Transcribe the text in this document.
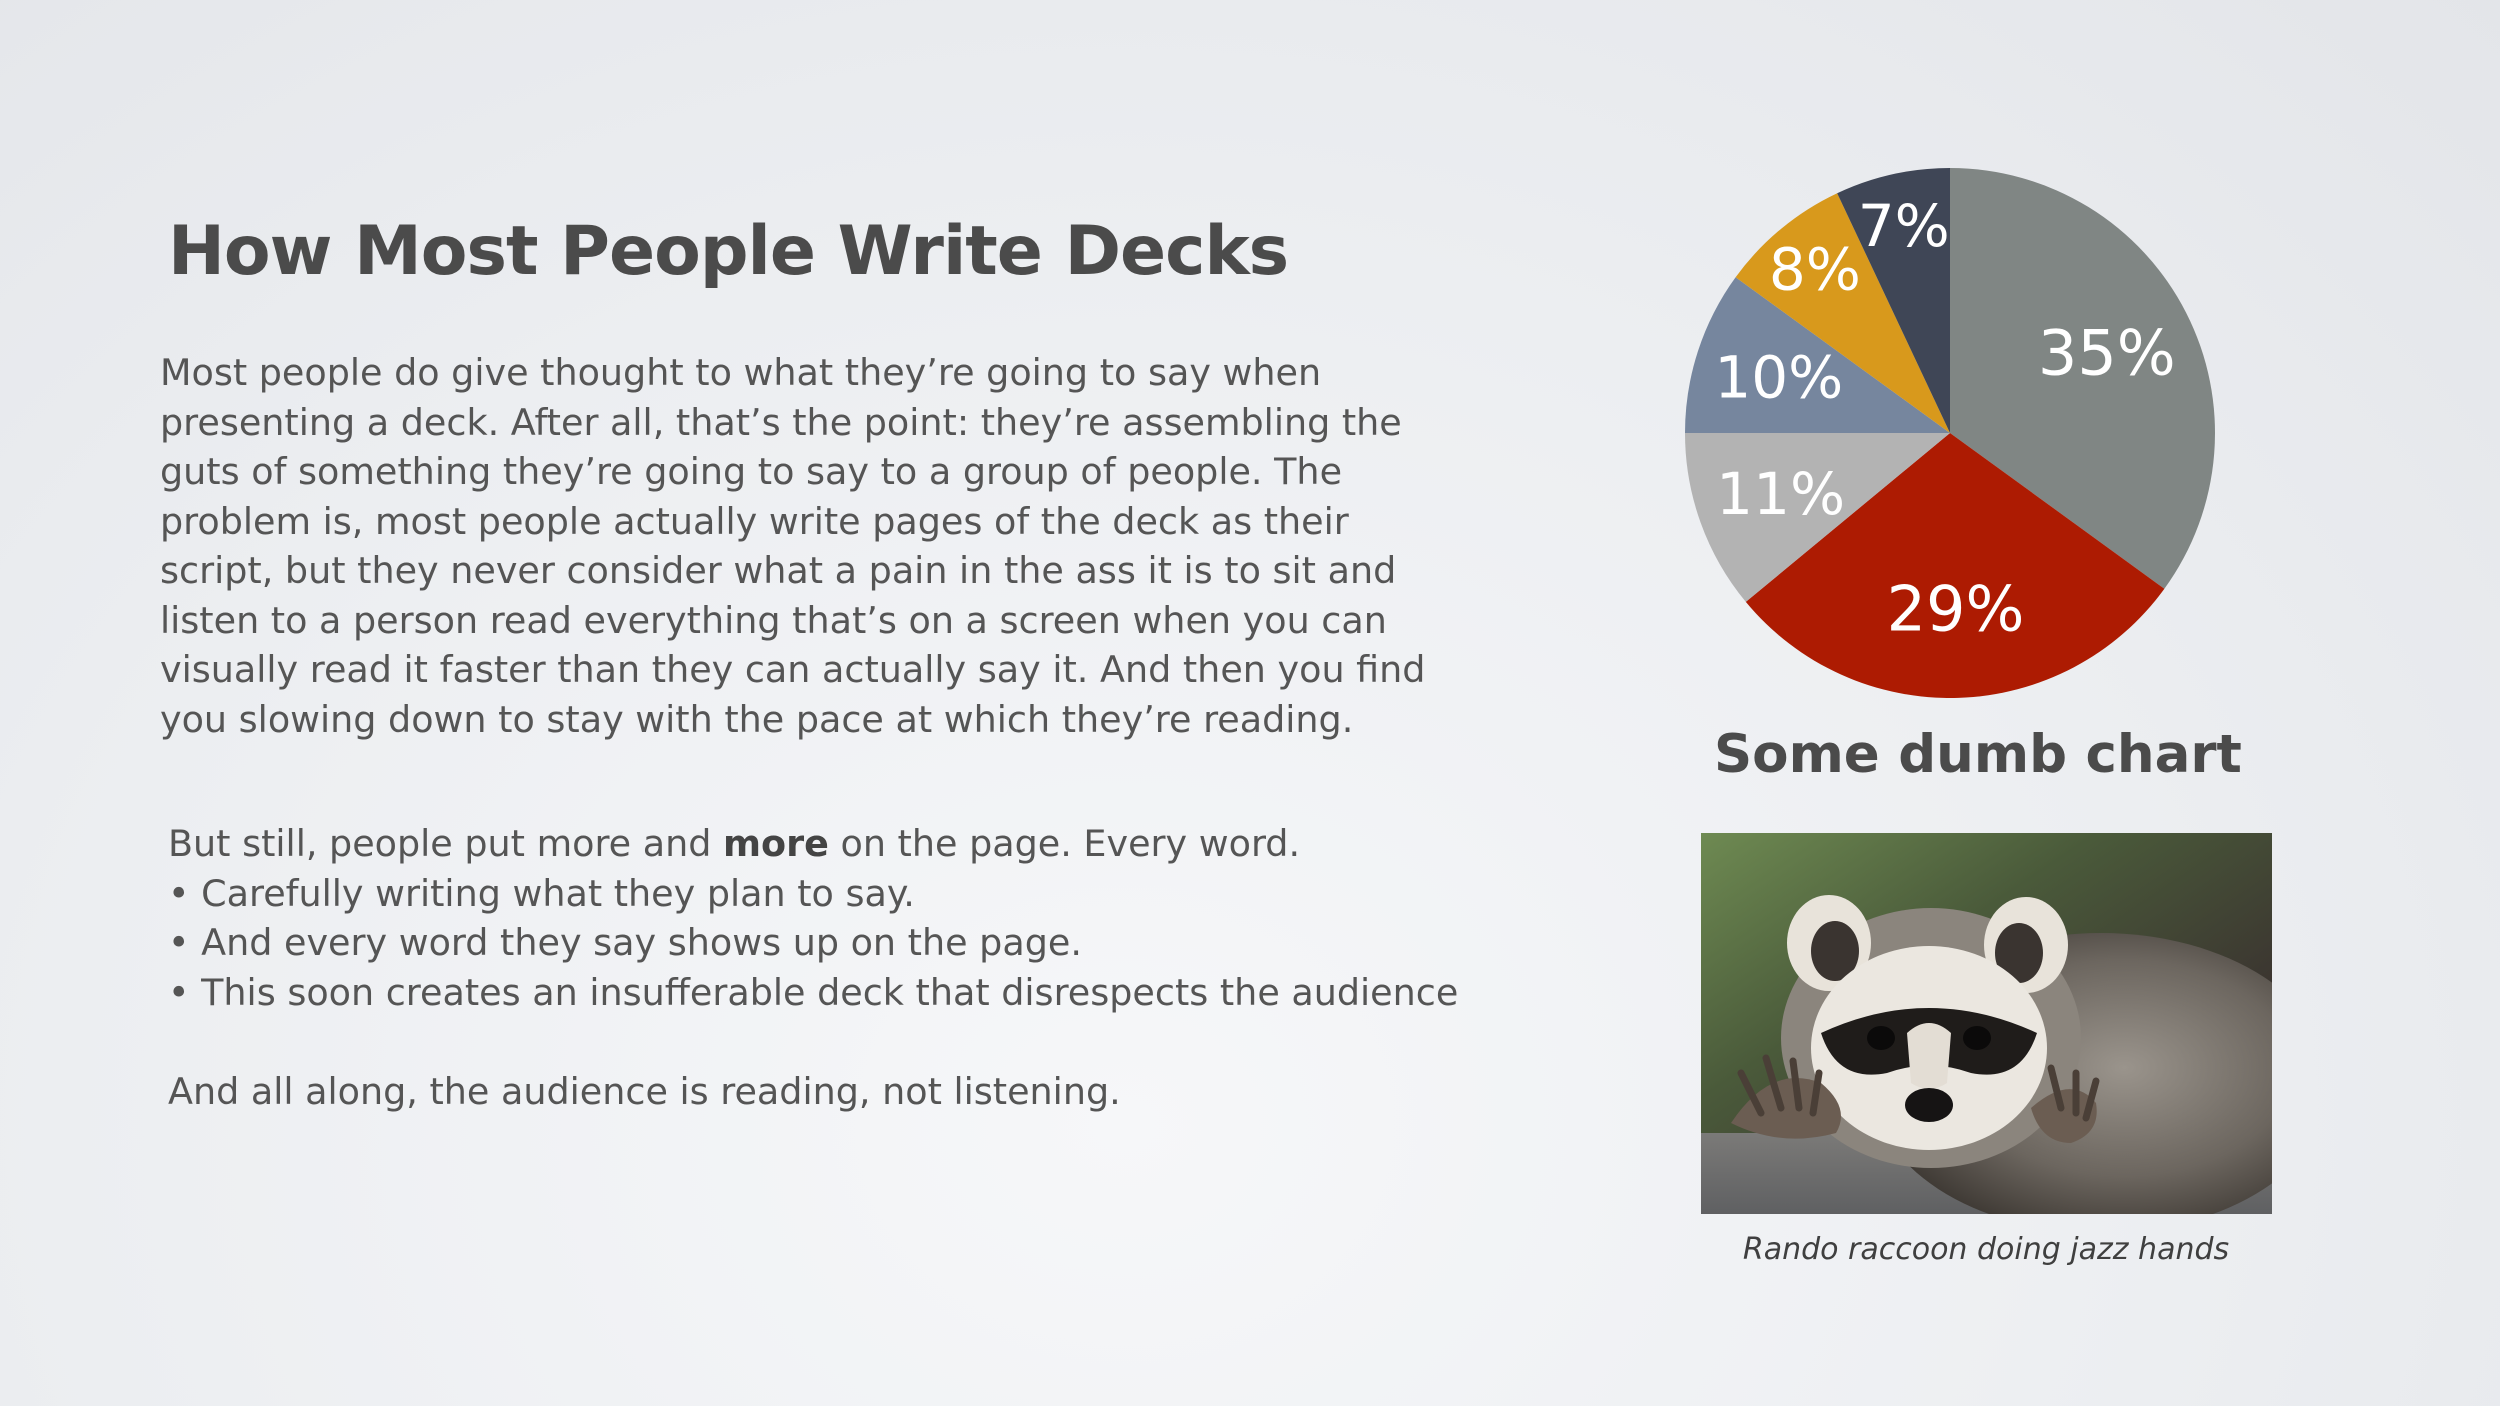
How Most People Write Decks
Most people do give thought to what they’re going to say when
presenting a deck. After all, that’s the point: they’re assembling the
guts of something they’re going to say to a group of people. The
problem is, most people actually write pages of the deck as their
script, but they never consider what a pain in the ass it is to sit and
listen to a person read everything that’s on a screen when you can
visually read it faster than they can actually say it. And then you find
you slowing down to stay with the pace at which they’re reading.
But still, people put more and more on the page. Every word.
• Carefully writing what they plan to say.
• And every word they say shows up on the page.
• This soon creates an insufferable deck that disrespects the audience

And all along, the audience is reading, not listening.

35%
29%
11%
10%
8%
7%
Some dumb chart
Rando raccoon doing jazz hands
